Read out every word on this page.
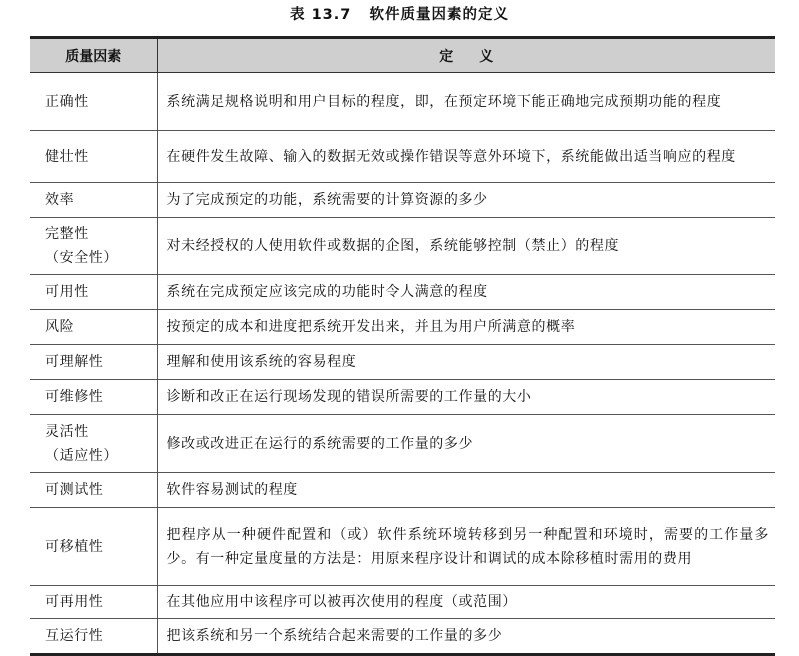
表 13.7   软件质量因素的定义
质量因素	定义
正确性	系统满足规格说明和用户目标的程度，即，在预定环境下能正确地完成预期功能的程度
健壮性	在硬件发生故障、输入的数据无效或操作错误等意外环境下，系统能做出适当响应的程度
效率	为了完成预定的功能，系统需要的计算资源的多少
完整性
（安全性）	对未经授权的人使用软件或数据的企图，系统能够控制（禁止）的程度
可用性	系统在完成预定应该完成的功能时令人满意的程度
风险	按预定的成本和进度把系统开发出来，并且为用户所满意的概率
可理解性	理解和使用该系统的容易程度
可维修性	诊断和改正在运行现场发现的错误所需要的工作量的大小
灵活性
（适应性）	修改或改进正在运行的系统需要的工作量的多少
可测试性	软件容易测试的程度
可移植性	把程序从一种硬件配置和（或）软件系统环境转移到另一种配置和环境时，需要的工作量多少。有一种定量度量的方法是：用原来程序设计和调试的成本除移植时需用的费用
可再用性	在其他应用中该程序可以被再次使用的程度（或范围）
互运行性	把该系统和另一个系统结合起来需要的工作量的多少
